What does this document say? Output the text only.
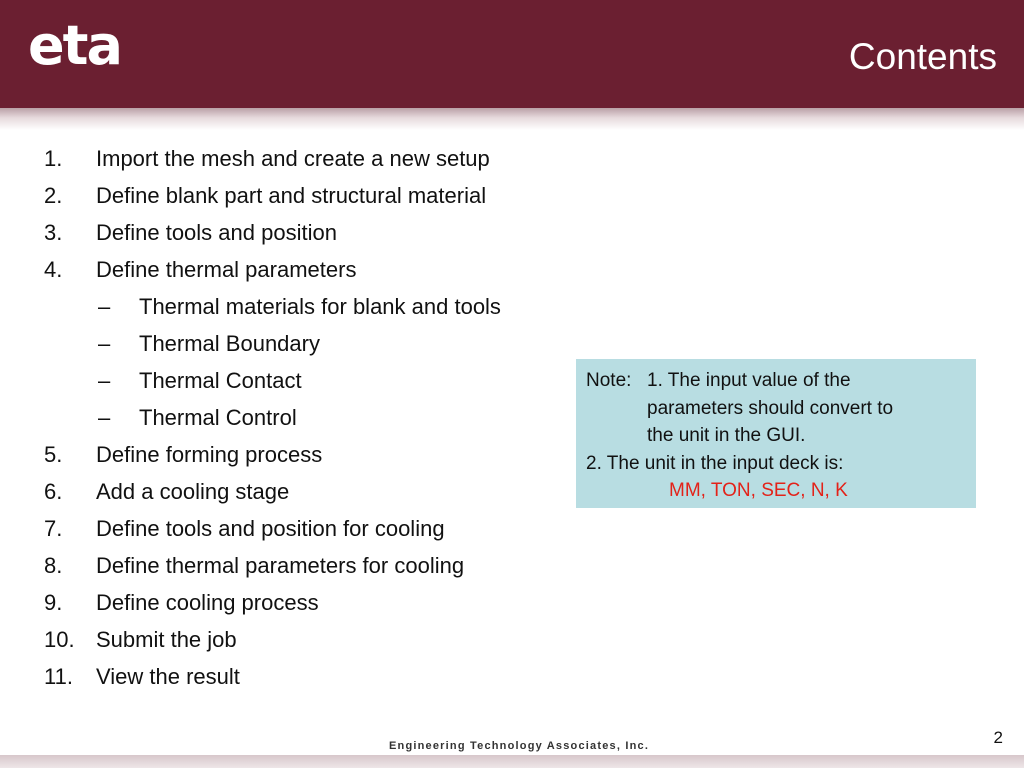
eta	Contents
1. Import the mesh and create a new setup
2. Define blank part and structural material
3. Define tools and position
4. Define thermal parameters
– Thermal materials for blank and tools
– Thermal Boundary
– Thermal Contact
– Thermal Control
5. Define forming process
6. Add a cooling stage
7. Define tools and position for cooling
8. Define thermal parameters for cooling
9. Define cooling process
10. Submit the job
11. View the result
Note: 1. The input value of the
parameters should convert to
the unit in the GUI.
2. The unit in the input deck is:
MM, TON, SEC, N, K
Engineering Technology Associates, Inc.	2
